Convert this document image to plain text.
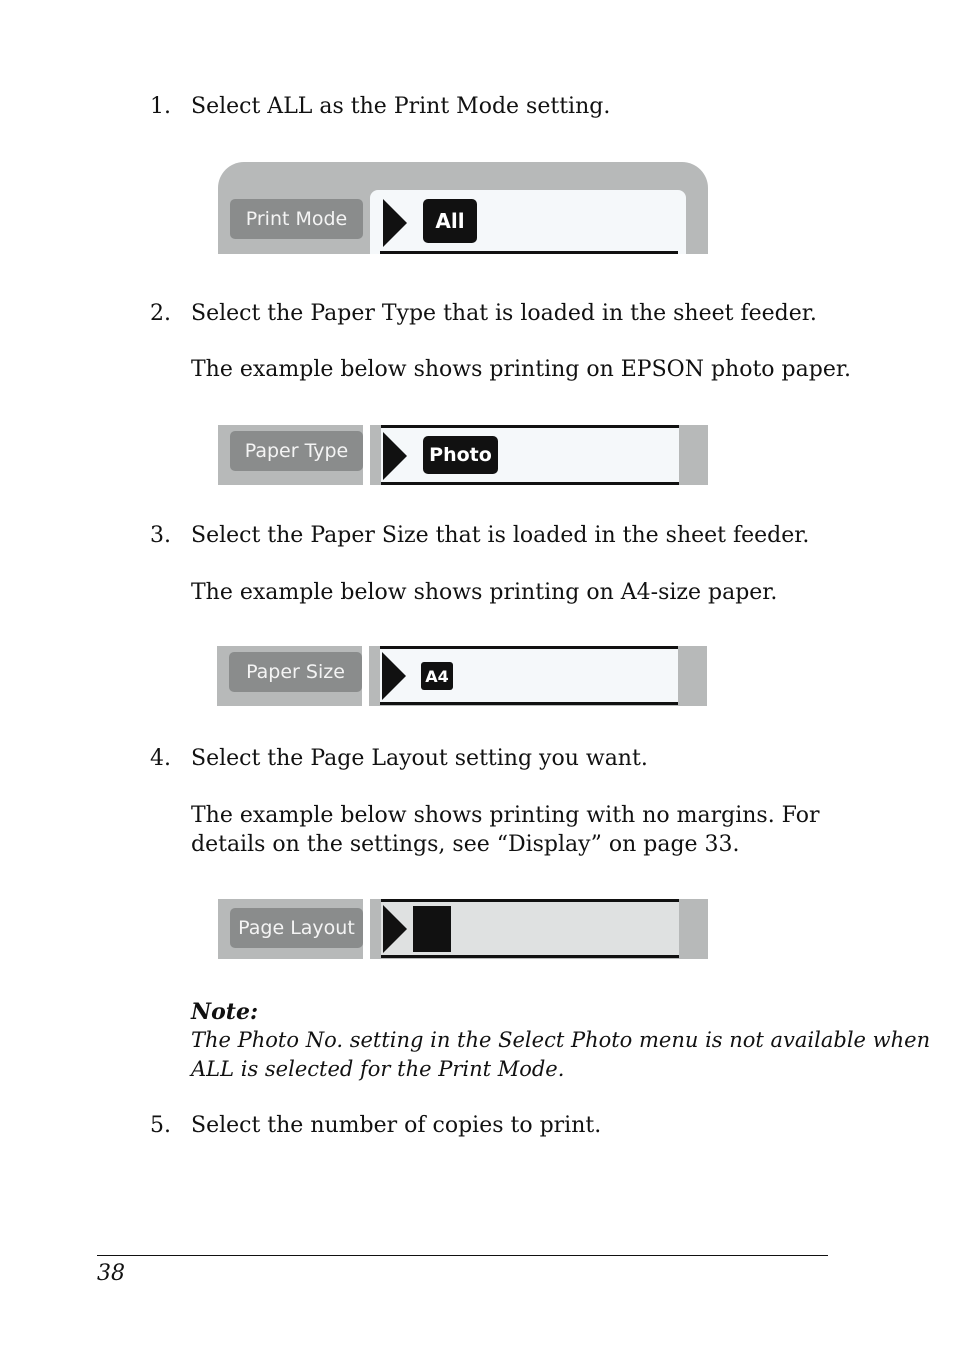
1. Select ALL as the Print Mode setting.
Print Mode	All
2. Select the Paper Type that is loaded in the sheet feeder.
The example below shows printing on EPSON photo paper.
Paper Type	Photo
3. Select the Paper Size that is loaded in the sheet feeder.
The example below shows printing on A4-size paper.
Paper Size	A4
4. Select the Page Layout setting you want.
The example below shows printing with no margins. For
details on the settings, see “Display” on page 33.
Page Layout
Note:
The Photo No. setting in the Select Photo menu is not available when
ALL is selected for the Print Mode.
5. Select the number of copies to print.
38
